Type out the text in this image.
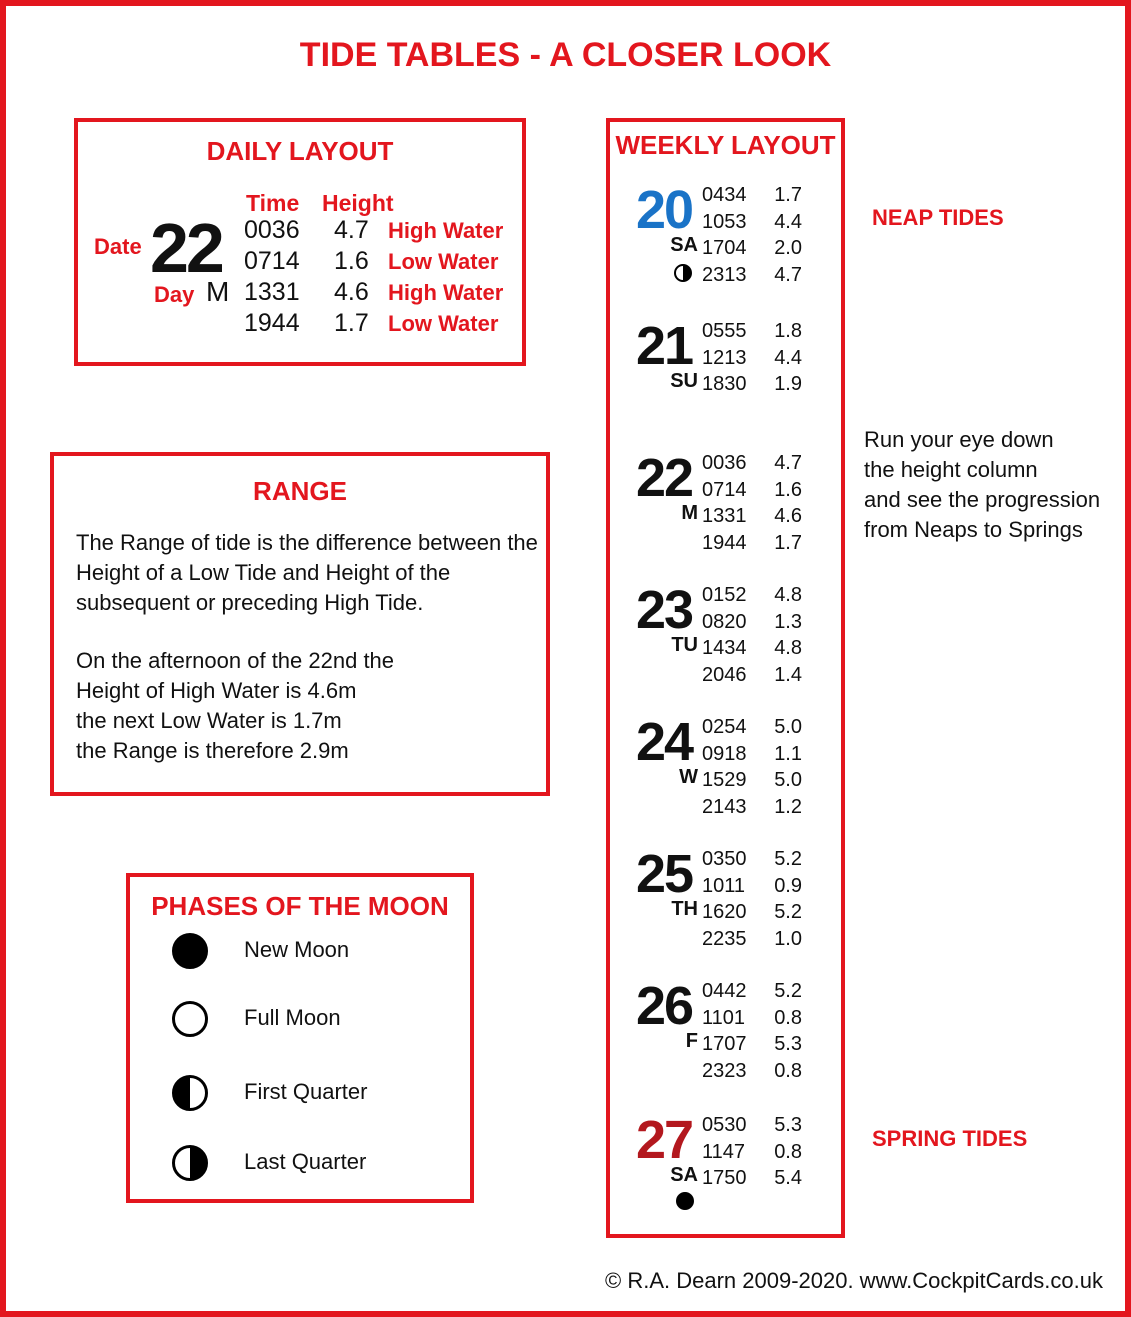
TIDE TABLES - A CLOSER LOOK
DAILY LAYOUT
Time Height
Date 22
Day M
0036 4.7 High Water
0714 1.6 Low Water
1331 4.6 High Water
1944 1.7 Low Water
RANGE
The Range of tide is the difference between the Height of a Low Tide and Height of the subsequent or preceding High Tide.
On the afternoon of the 22nd the
Height of High Water is 4.6m
the next Low Water is 1.7m
the Range is therefore 2.9m
PHASES OF THE MOON
New Moon
Full Moon
First Quarter
Last Quarter
WEEKLY LAYOUT
20
SA
0434 1.7
1053 4.4
1704 2.0
2313 4.7
21
SU
0555 1.8
1213 4.4
1830 1.9
22
M
0036 4.7
0714 1.6
1331 4.6
1944 1.7
23
TU
0152 4.8
0820 1.3
1434 4.8
2046 1.4
24
W
0254 5.0
0918 1.1
1529 5.0
2143 1.2
25
TH
0350 5.2
1011 0.9
1620 5.2
2235 1.0
26
F
0442 5.2
1101 0.8
1707 5.3
2323 0.8
27
SA
0530 5.3
1147 0.8
1750 5.4
NEAP TIDES
SPRING TIDES
Run your eye down
the height column
and see the progression
from Neaps to Springs
© R.A. Dearn 2009-2020. www.CockpitCards.co.uk
